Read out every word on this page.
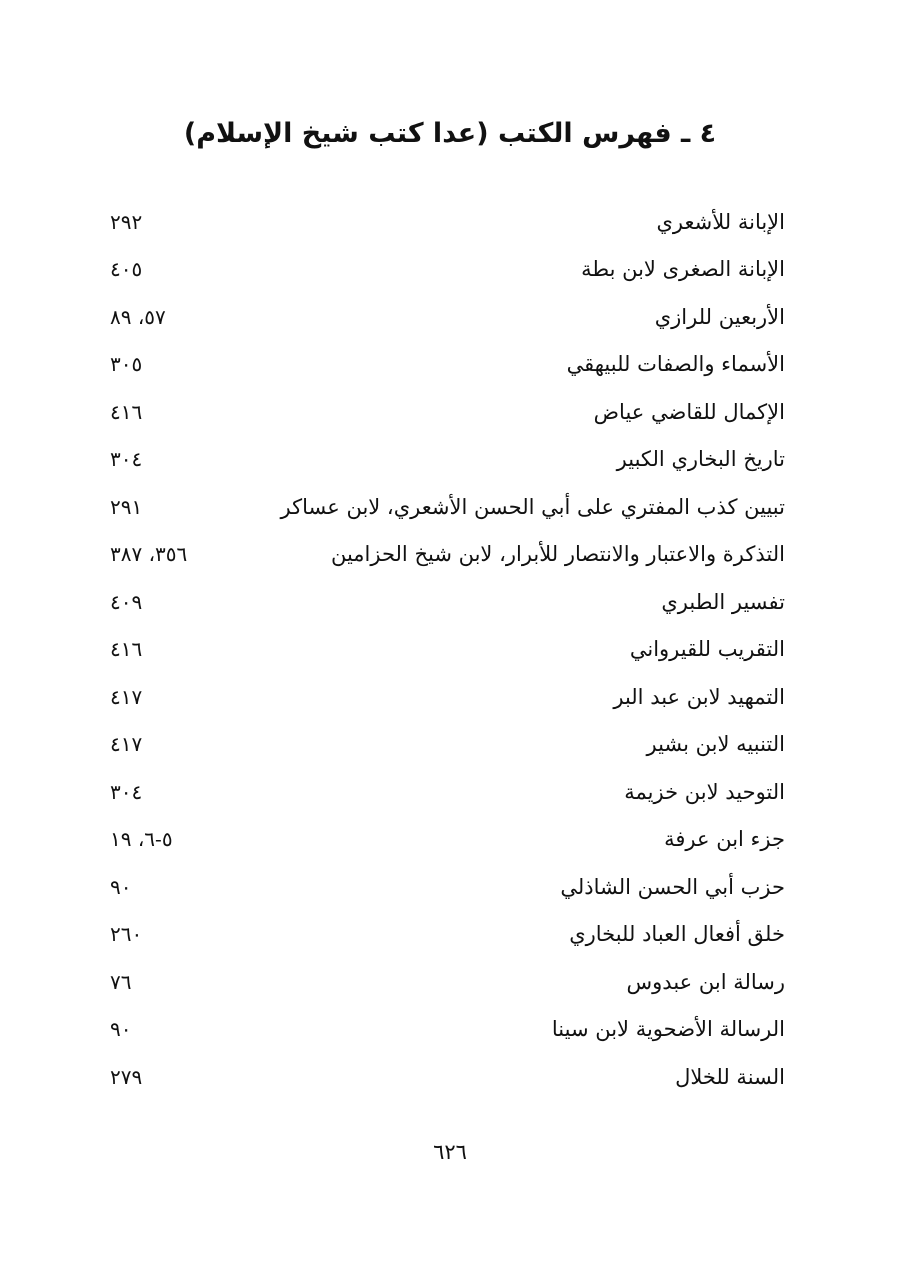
٤ ـ فهرس الكتب (عدا كتب شيخ الإسلام)
الإبانة للأشعري
٢٩٢
الإبانة الصغرى لابن بطة
٤٠٥
الأربعين للرازي
٥٧، ٨٩
الأسماء والصفات للبيهقي
٣٠٥
الإكمال للقاضي عياض
٤١٦
تاريخ البخاري الكبير
٣٠٤
تبيين كذب المفتري على أبي الحسن الأشعري، لابن عساكر
٢٩١
التذكرة والاعتبار والانتصار للأبرار، لابن شيخ الحزامين
٣٥٦، ٣٨٧
تفسير الطبري
٤٠٩
التقريب للقيرواني
٤١٦
التمهيد لابن عبد البر
٤١٧
التنبيه لابن بشير
٤١٧
التوحيد لابن خزيمة
٣٠٤
جزء ابن عرفة
٥-٦، ١٩
حزب أبي الحسن الشاذلي
٩٠
خلق أفعال العباد للبخاري
٢٦٠
رسالة ابن عبدوس
٧٦
الرسالة الأضحوية لابن سينا
٩٠
السنة للخلال
٢٧٩
٦٢٦
